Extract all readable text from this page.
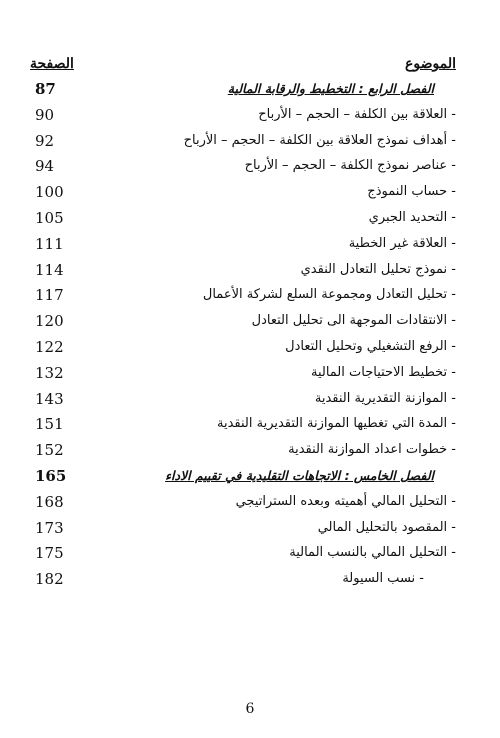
الموضوع
الصفحة
الفصل الرابع : التخطيط والرقابة المالية
87
- العلاقة بين الكلفة – الحجم – الأرباح
90
- أهداف نموذج العلاقة بين الكلفة – الحجم – الأرباح
92
- عناصر نموذج الكلفة – الحجم – الأرباح
94
- حساب النموذج
100
- التحديد الجبري
105
- العلاقة غير الخطية
111
- نموذج تحليل التعادل النقدي
114
- تحليل التعادل ومجموعة السلع لشركة الأعمال
117
- الانتقادات الموجهة الى تحليل التعادل
120
- الرفع التشغيلي وتحليل التعادل
122
- تخطيط الاحتياجات المالية
132
- الموازنة التقديرية النقدية
143
- المدة التي تغطيها الموازنة التقديرية النقدية
151
- خطوات اعداد الموازنة النقدية
152
الفصل الخامس : الاتجاهات التقليدية في تقييم الاداء
165
- التحليل المالي أهميته وبعده الستراتيجي
168
- المقصود بالتحليل المالي
173
- التحليل المالي بالنسب المالية
175
- نسب السيولة
182
6
